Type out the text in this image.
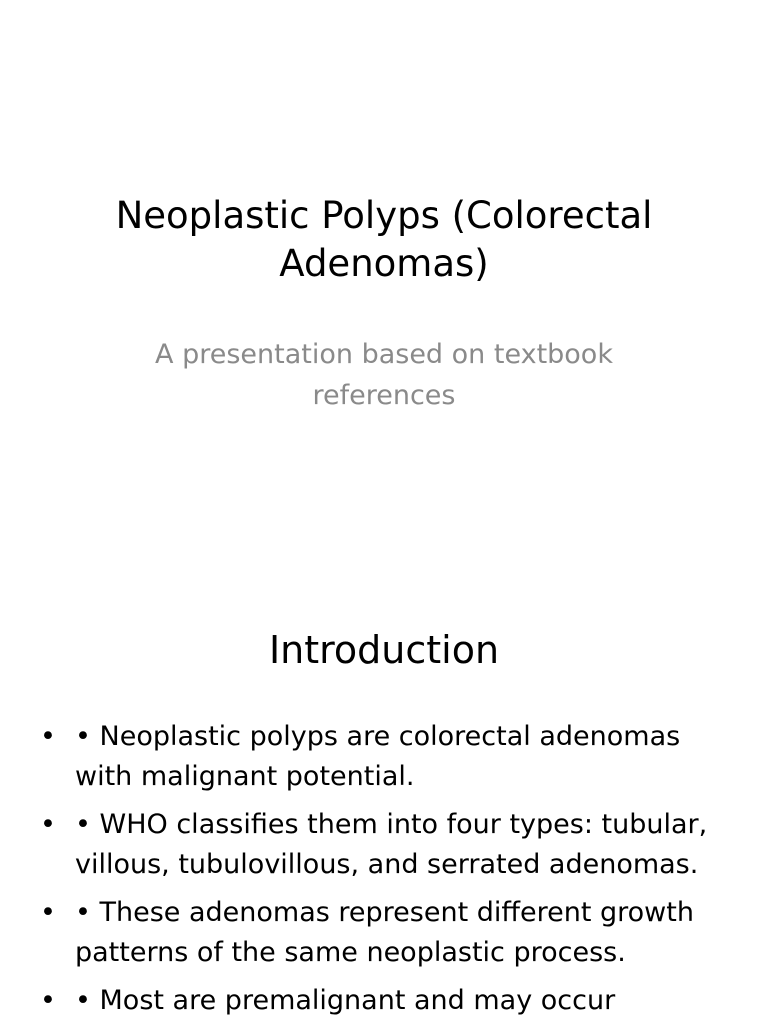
Neoplastic Polyps (Colorectal Adenomas)

A presentation based on textbook references

Introduction
• • Neoplastic polyps are colorectal adenomas with malignant potential.
• • WHO classifies them into four types: tubular, villous, tubulovillous, and serrated adenomas.
• • These adenomas represent different growth patterns of the same neoplastic process.
• • Most are premalignant and may occur
